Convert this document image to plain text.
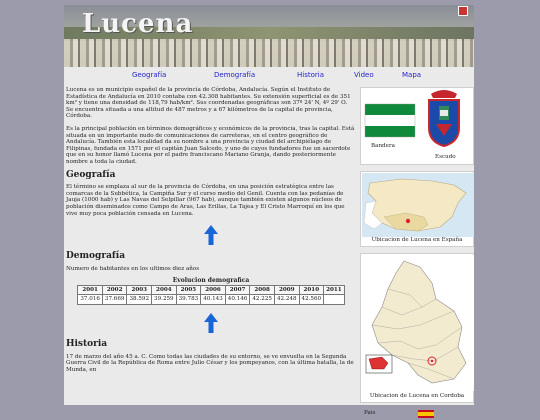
Lucena
Geografía	Demografía	Historia	Video	Mapa

Lucena es un municipio español de la provincia de Córdoba, Andalucía. Según el Instituto de Estadística de Andalucía en 2010 contaba con 42.308 habitantes. Su extensión superficial es de 351 km² y tiene una densidad de 118,79 hab/km². Sus coordenadas geográficas son 37º 24' N, 4º 29' O. Se encuentra situada a una altitud de 487 metros y a 67 kilómetros de la capital de provincia, Córdoba.

Es la principal población en términos demográficos y económicos de la provincia, tras la capital. Está situada en un importante nudo de comunicaciones de carreteras, en el centro geográfico de Andalucía. También esta localidad da su nombre a una provincia y ciudad del archipiélago de Filipinas, fundada en 1571 por el capitán Juan Salcedo, y uno de cuyos fundadores fue un sacerdote que en su honor llamó Lucena por el padre franciscano Mariano Granja, dando posteriormente nombre a toda la ciudad.

Geografía

El término se emplaza al sur de la provincia de Córdoba, en una posición estratégica entre las comarcas de la Subbética, la Campiña Sur y el curso medio del Genil. Cuenta con las pedanías de Jauja (1000 hab) y Las Navas del Selpillar (967 hab), aunque también existen algunos núcleos de población diseminados como Campo de Aras, Las Erillas, La Tajea y El Cristo Marroquí en los que vive muy poca población censada en Lucena.

Demografía

Numero de habitantes en los ultimos diez años

Evolucion demografica
2001	2002	2003	2004	2005	2006	2007	2008	2009	2010	2011
37.016	37.669	38.592	39.259	39.783	40.143	40.146	42.225	42.248	42.560	
Historia

17 de marzo del año 45 a. C. Como todas las ciudades de su entorno, se ve envuelta en la Segunda Guerra Civil de la República de Roma entre Julio César y los pompeyanos, con la última batalla, la de Munda, en

Bandera
Escudo
Ubicacion de Lucena en España
Ubicacion de Lucena en Cordoba
Pais
